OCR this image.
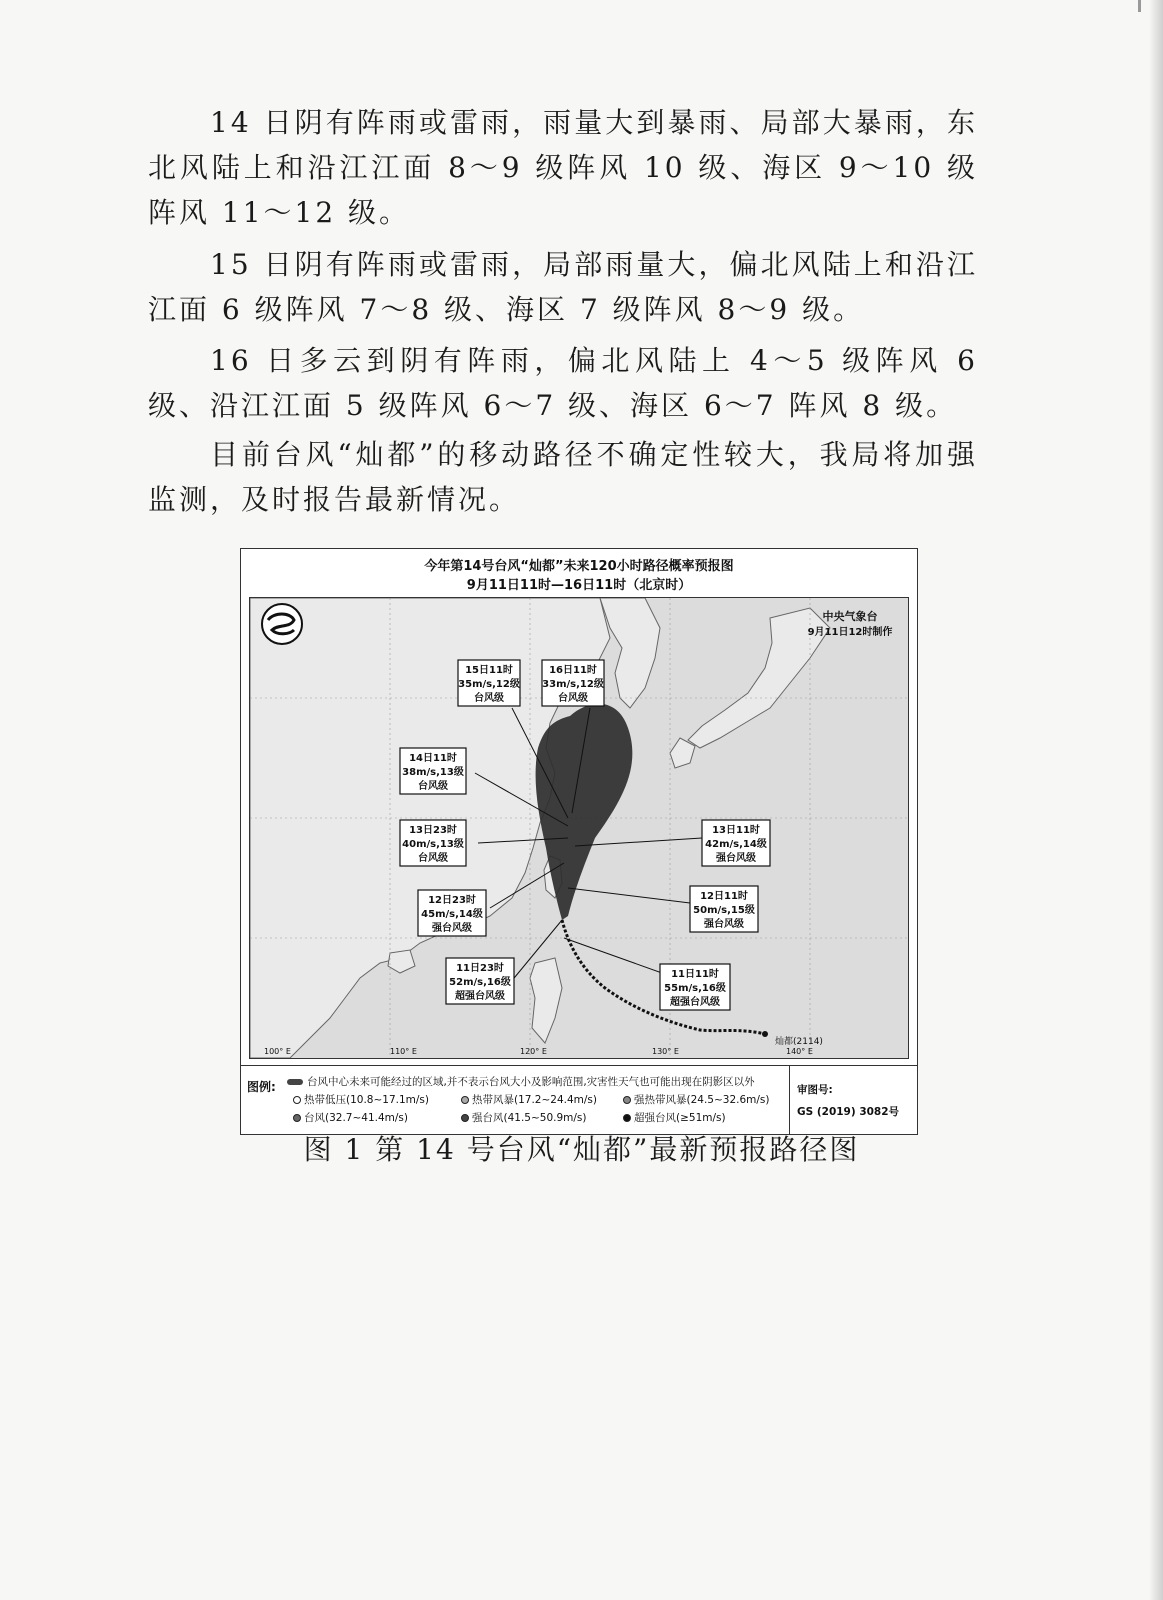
14 日阴有阵雨或雷雨，雨量大到暴雨、局部大暴雨，东北风陆上和沿江江面 8～9 级阵风 10 级、海区 9～10 级阵风 11～12 级。

15 日阴有阵雨或雷雨，局部雨量大，偏北风陆上和沿江江面 6 级阵风 7～8 级、海区 7 级阵风 8～9 级。

16 日多云到阴有阵雨，偏北风陆上 4～5 级阵风 6 级、沿江江面 5 级阵风 6～7 级、海区 6～7 阵风 8 级。

目前台风“灿都”的移动路径不确定性较大，我局将加强监测，及时报告最新情况。

今年第14号台风“灿都”未来120小时路径概率预报图
9月11日11时—16日11时（北京时）
灿都(2114)
中央气象台
9月11日12时制作
15日11时
35m/s,12级
台风级
16日11时
33m/s,12级
台风级
14日11时
38m/s,13级
台风级
13日23时
40m/s,13级
台风级
13日11时
42m/s,14级
强台风级
12日23时
45m/s,14级
强台风级
12日11时
50m/s,15级
强台风级
11日23时
52m/s,16级
超强台风级
11日11时
55m/s,16级
超强台风级
100° E	110° E	120° E	130° E	140° E
图例:	台风中心未来可能经过的区域,并不表示台风大小及影响范围,灾害性天气也可能出现在阴影区以外
热带低压(10.8~17.1m/s)	热带风暴(17.2~24.4m/s)	强热带风暴(24.5~32.6m/s)
台风(32.7~41.4m/s)	强台风(41.5~50.9m/s)	超强台风(≥51m/s)
审图号:
GS (2019) 3082号
图 1 第 14 号台风“灿都”最新预报路径图
